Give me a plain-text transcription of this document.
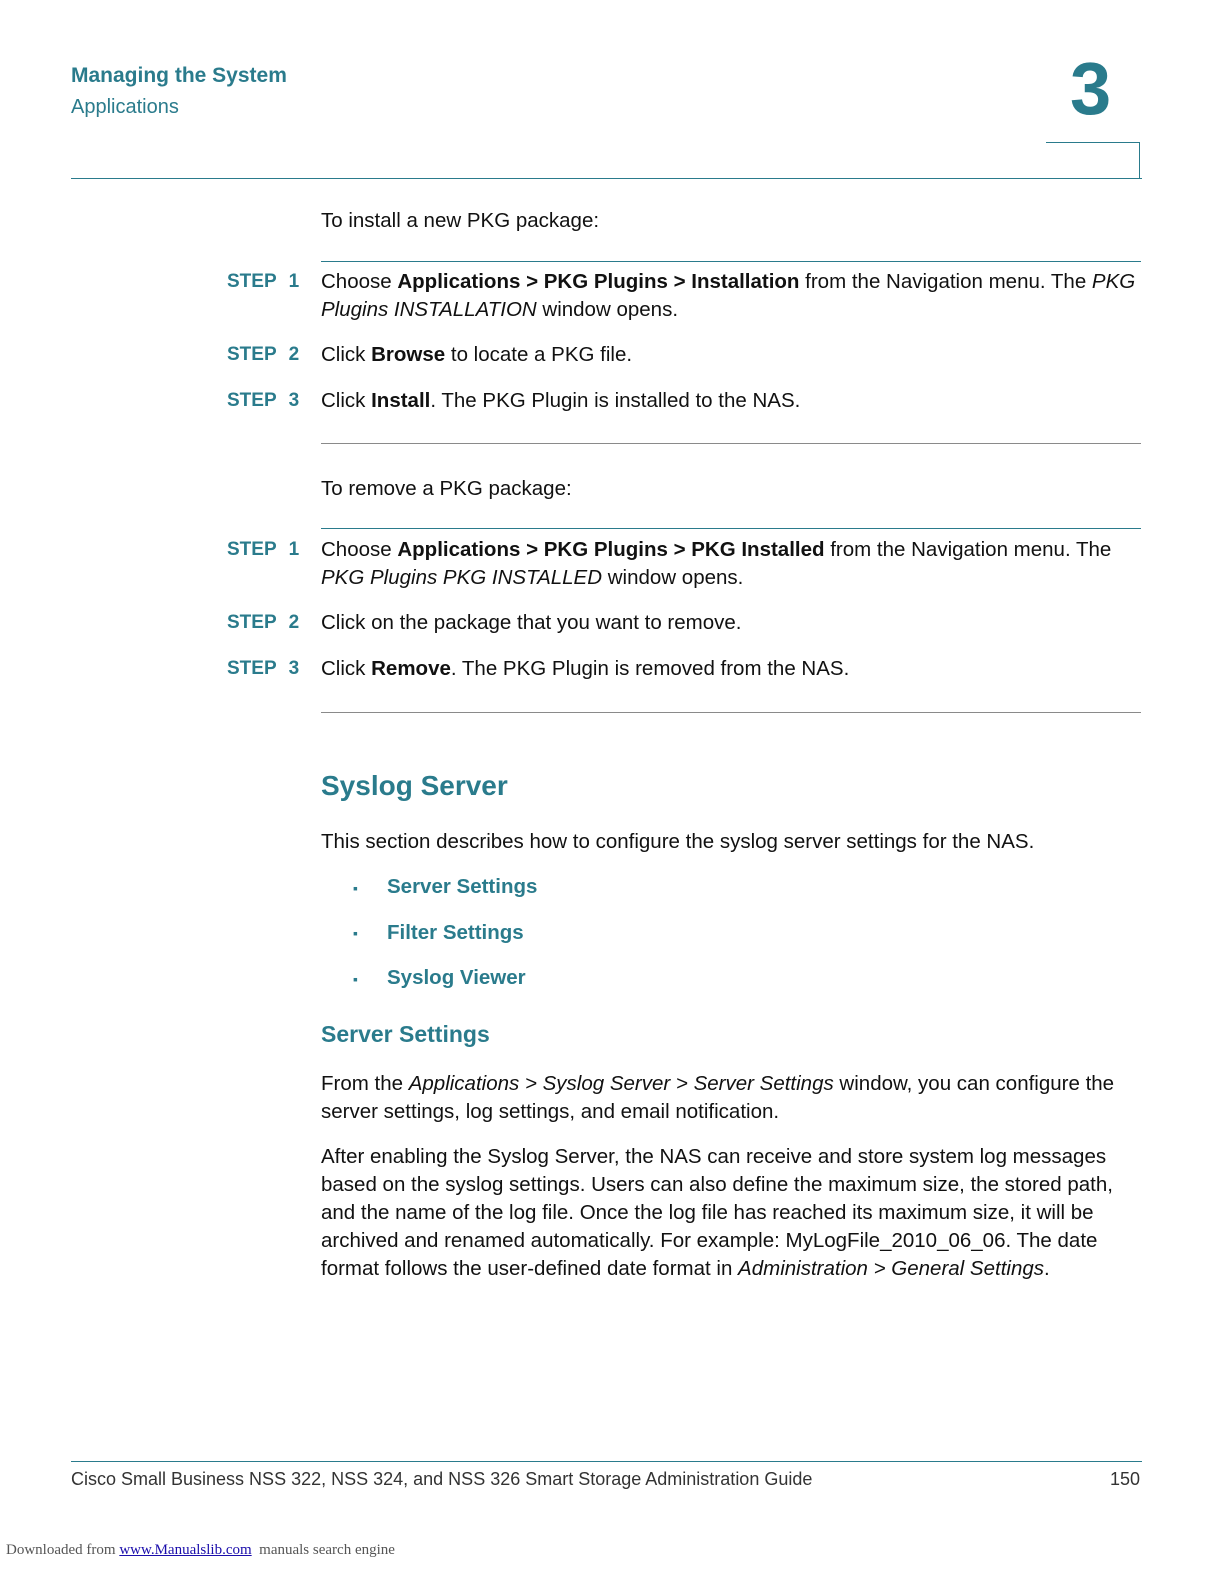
Managing the System
Applications	3
To install a new PKG package:
STEP 1 Choose Applications > PKG Plugins > Installation from the Navigation menu. The PKG Plugins INSTALLATION window opens.
STEP 2 Click Browse to locate a PKG file.
STEP 3 Click Install. The PKG Plugin is installed to the NAS.
To remove a PKG package:
STEP 1 Choose Applications > PKG Plugins > PKG Installed from the Navigation menu. The PKG Plugins PKG INSTALLED window opens.
STEP 2 Click on the package that you want to remove.
STEP 3 Click Remove. The PKG Plugin is removed from the NAS.
Syslog Server
This section describes how to configure the syslog server settings for the NAS.
▪ Server Settings
▪ Filter Settings
▪ Syslog Viewer
Server Settings
From the Applications > Syslog Server > Server Settings window, you can configure the server settings, log settings, and email notification.
After enabling the Syslog Server, the NAS can receive and store system log messages based on the syslog settings. Users can also define the maximum size, the stored path, and the name of the log file. Once the log file has reached its maximum size, it will be archived and renamed automatically. For example: MyLogFile_2010_06_06. The date format follows the user-defined date format in Administration > General Settings.
Cisco Small Business NSS 322, NSS 324, and NSS 326 Smart Storage Administration Guide	150
Downloaded from www.Manualslib.com manuals search engine
